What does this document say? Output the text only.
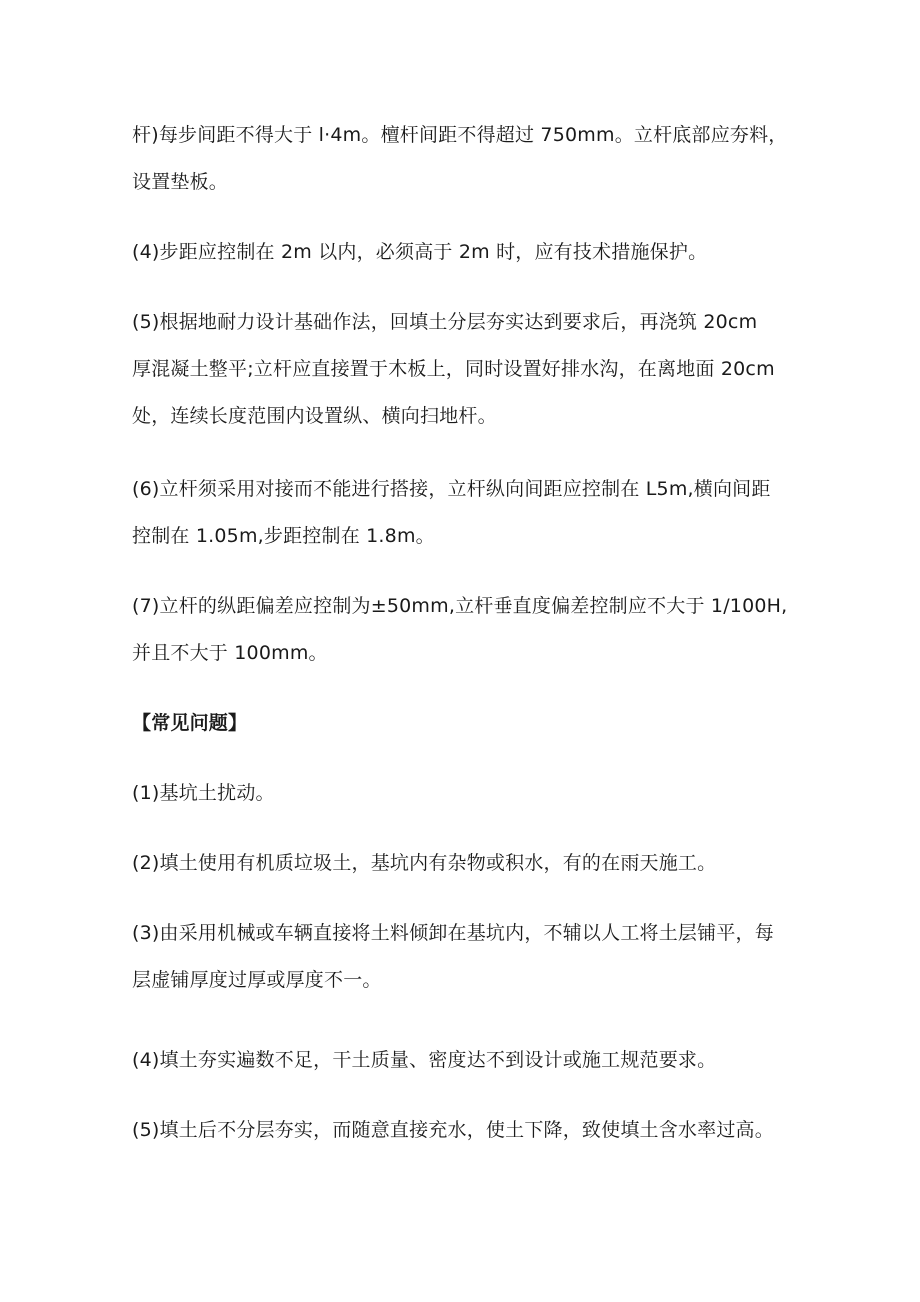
杆)每步间距不得大于 l·4m。檀杆间距不得超过 750mm。立杆底部应夯料，
设置垫板。

(4)步距应控制在 2m 以内，必须高于 2m 时，应有技术措施保护。

(5)根据地耐力设计基础作法，回填土分层夯实达到要求后，再浇筑 20cm
厚混凝土整平;立杆应直接置于木板上，同时设置好排水沟，在离地面 20cm
处，连续长度范围内设置纵、横向扫地杆。

(6)立杆须采用对接而不能进行搭接，立杆纵向间距应控制在 L5m,横向间距
控制在 1.05m,步距控制在 1.8m。

(7)立杆的纵距偏差应控制为±50mm,立杆垂直度偏差控制应不大于 1/100H,
并且不大于 100mm。

【常见问题】

(1)基坑土扰动。

(2)填土使用有机质垃圾土，基坑内有杂物或积水，有的在雨天施工。

(3)由采用机械或车辆直接将土料倾卸在基坑内，不辅以人工将土层铺平，每
层虚铺厚度过厚或厚度不一。

(4)填土夯实遍数不足，干土质量、密度达不到设计或施工规范要求。

(5)填土后不分层夯实，而随意直接充水，使土下降，致使填土含水率过高。
